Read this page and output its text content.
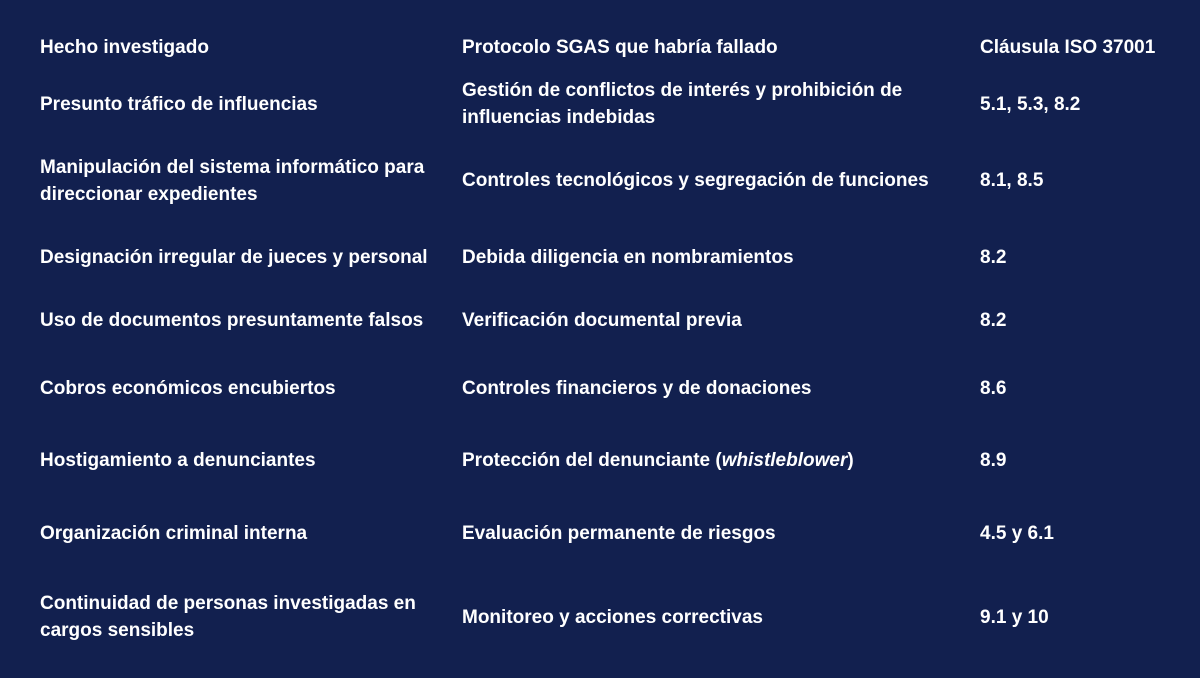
Hecho investigado	Protocolo SGAS que habría fallado	Cláusula ISO 37001
Presunto tráfico de influencias	Gestión de conflictos de interés y prohibición de influencias indebidas	5.1, 5.3, 8.2
Manipulación del sistema informático para direccionar expedientes	Controles tecnológicos y segregación de funciones	8.1, 8.5
Designación irregular de jueces y personal	Debida diligencia en nombramientos	8.2
Uso de documentos presuntamente falsos	Verificación documental previa	8.2
Cobros económicos encubiertos	Controles financieros y de donaciones	8.6
Hostigamiento a denunciantes	Protección del denunciante (whistleblower)	8.9
Organización criminal interna	Evaluación permanente de riesgos	4.5 y 6.1
Continuidad de personas investigadas en cargos sensibles	Monitoreo y acciones correctivas	9.1 y 10
